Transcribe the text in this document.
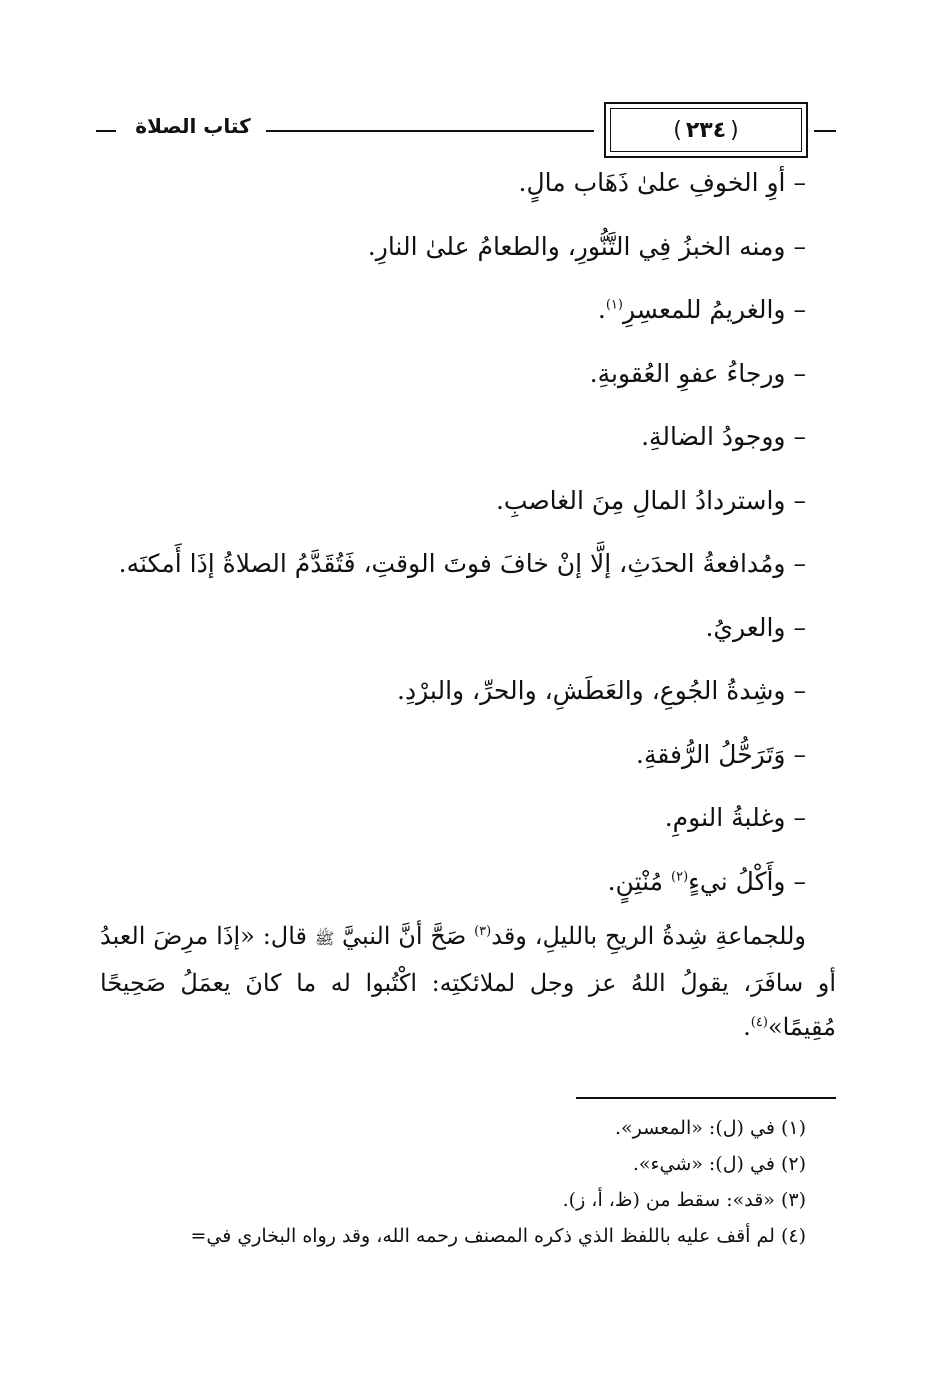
كتاب الصلاة	( ٢٣٤ )
–أوِ الخوفِ علىٰ ذَهَاب مالٍ.
–ومنه الخبزُ فِي التَّنُّورِ، والطعامُ علىٰ النارِ.
–والغريمُ للمعسِرِ$^{(١)}$.
–ورجاءُ عفوِ العُقوبةِ.
–ووجودُ الضالةِ.
–واستردادُ المالِ مِنَ الغاصبِ.
–ومُدافعةُ الحدَثِ، إلَّا إنْ خافَ فوتَ الوقتِ، فَتُقَدَّمُ الصلاةُ إذَا أَمكنَه.
–والعريُ.
–وشِدةُ الجُوعِ، والعَطَشِ، والحرِّ، والبرْدِ.
–وَتَرَحُّلُ الرُّفقةِ.
–وغلبةُ النومِ.
–وأَكْلُ نيءٍ$^{(٢)}$ مُنْتِنٍ.
وللجماعةِ شِدةُ الريحِ بالليلِ، وقد$^{(٣)}$ صَحَّ أنَّ النبيَّ ﷺ قال: «إذَا مرِضَ العبدُ أو سافَرَ، يقولُ اللهُ عز وجل لملائكتِه: اكْتُبوا له ما كانَ يعمَلُ صَحِيحًا مُقِيمًا»$^{(٤)}$.
(١) في (ل): «المعسر».
(٢) في (ل): «شيء».
(٣) «قد»: سقط من (ظ، أ، ز).
(٤) لم أقف عليه باللفظ الذي ذكره المصنف رحمه الله، وقد رواه البخاري في=
